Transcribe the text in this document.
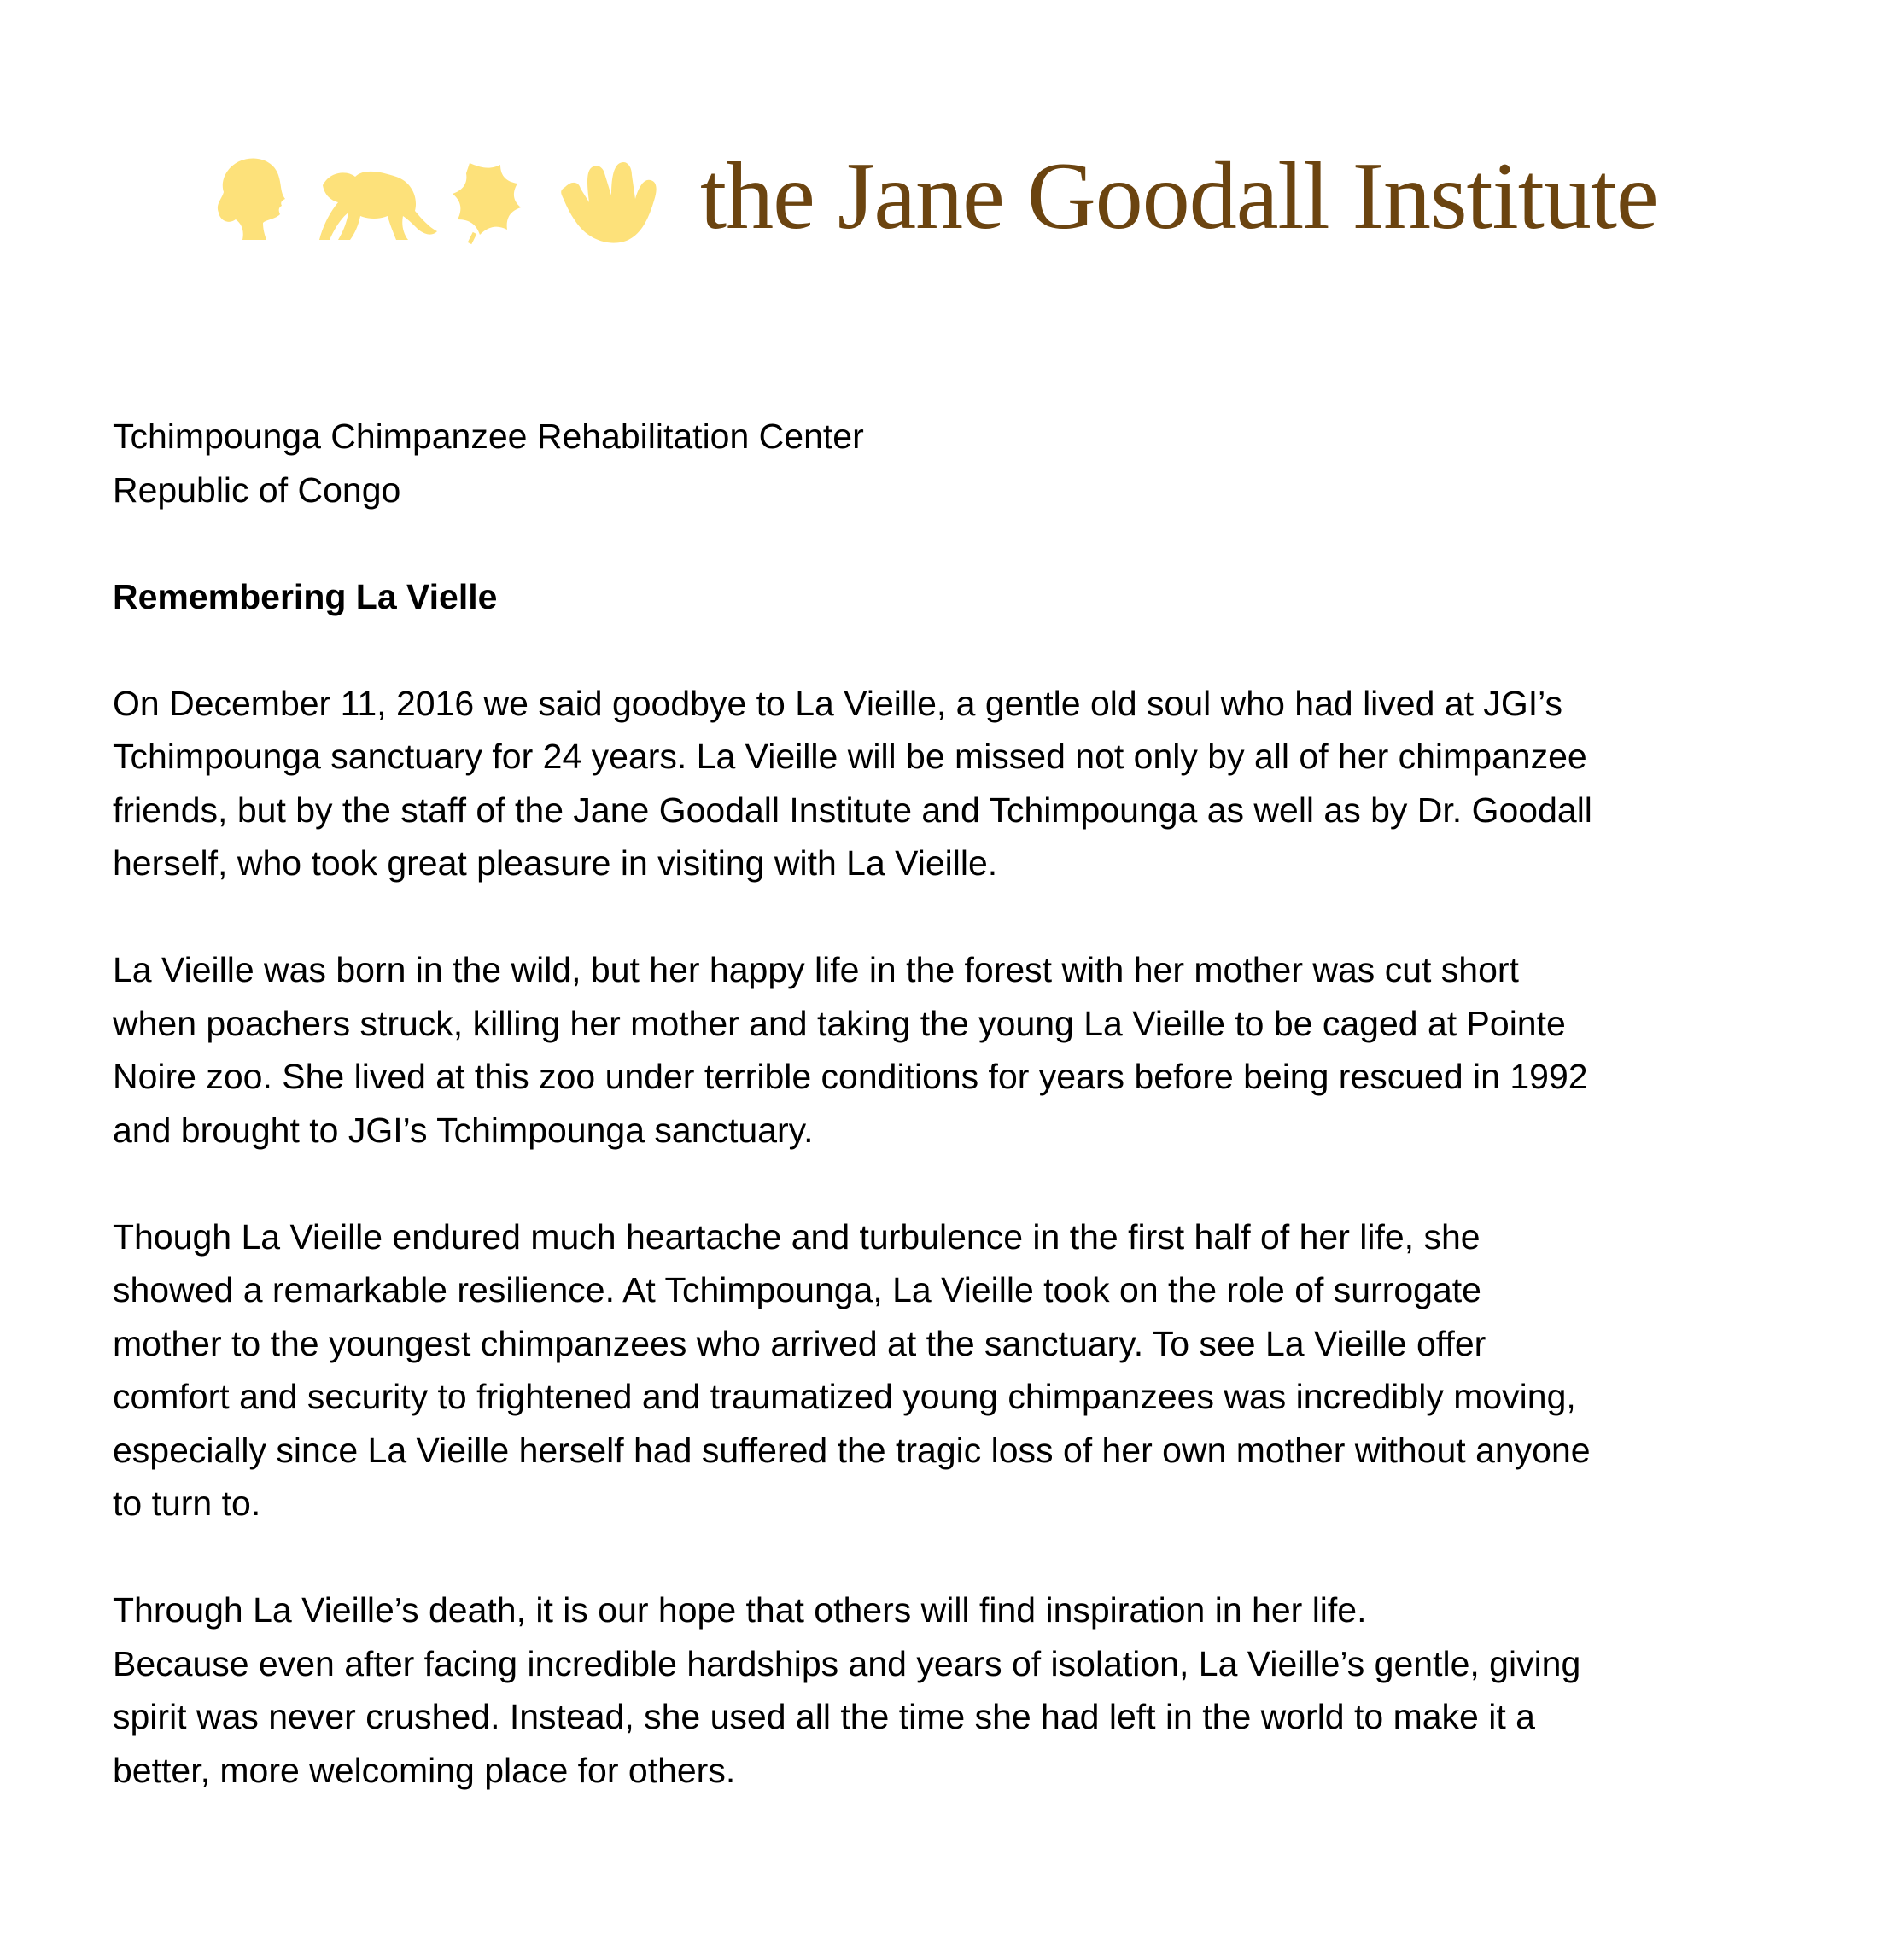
the Jane Goodall Institute
Tchimpounga Chimpanzee Rehabilitation Center
Republic of Congo
Remembering La Vielle
On December 11, 2016 we said goodbye to La Vieille, a gentle old soul who had lived at JGI’s
Tchimpounga sanctuary for 24 years. La Vieille will be missed not only by all of her chimpanzee
friends, but by the staff of the Jane Goodall Institute and Tchimpounga as well as by Dr. Goodall
herself, who took great pleasure in visiting with La Vieille.
La Vieille was born in the wild, but her happy life in the forest with her mother was cut short
when poachers struck, killing her mother and taking the young La Vieille to be caged at Pointe
Noire zoo. She lived at this zoo under terrible conditions for years before being rescued in 1992
and brought to JGI’s Tchimpounga sanctuary.
Though La Vieille endured much heartache and turbulence in the first half of her life, she
showed a remarkable resilience. At Tchimpounga, La Vieille took on the role of surrogate
mother to the youngest chimpanzees who arrived at the sanctuary. To see La Vieille offer
comfort and security to frightened and traumatized young chimpanzees was incredibly moving,
especially since La Vieille herself had suffered the tragic loss of her own mother without anyone
to turn to.
Through La Vieille’s death, it is our hope that others will find inspiration in her life.
Because even after facing incredible hardships and years of isolation, La Vieille’s gentle, giving
spirit was never crushed. Instead, she used all the time she had left in the world to make it a
better, more welcoming place for others.
